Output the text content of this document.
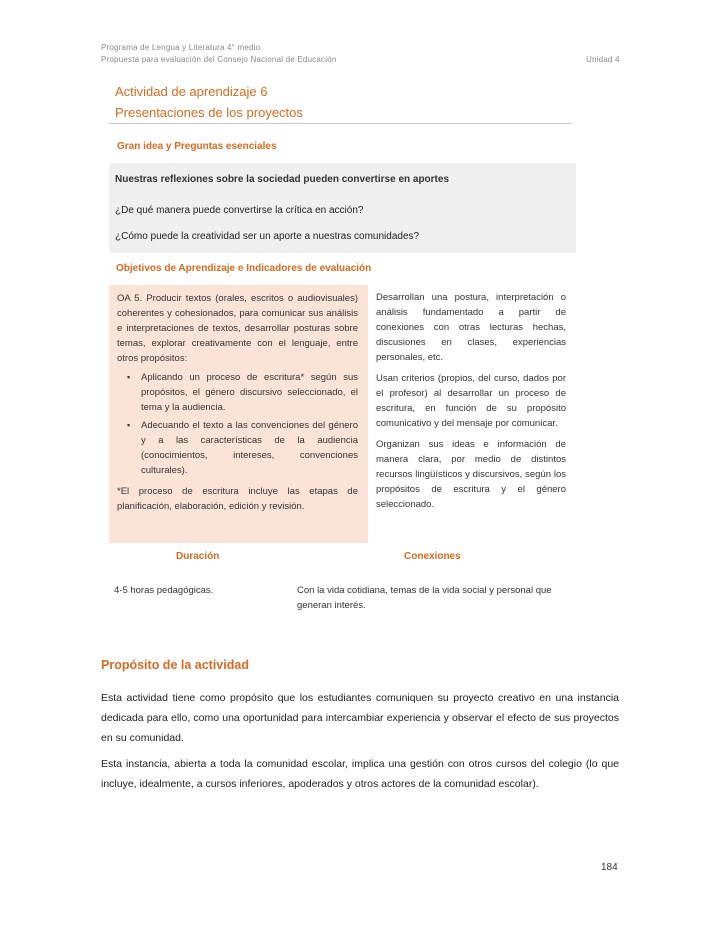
Programa de Lengua y Literatura 4° medio
Propuesta para evaluación del Consejo Nacional de Educación	Unidad 4
Actividad de aprendizaje 6
Presentaciones de los proyectos
Gran idea y Preguntas esenciales
Nuestras reflexiones sobre la sociedad pueden convertirse en aportes
¿De qué manera puede convertirse la crítica en acción?
¿Cómo puede la creatividad ser un aporte a nuestras comunidades?
Objetivos de Aprendizaje e Indicadores de evaluación
OA 5. Producir textos (orales, escritos o audiovisuales) coherentes y cohesionados, para comunicar sus análisis e interpretaciones de textos, desarrollar posturas sobre temas, explorar creativamente con el lenguaje, entre otros propósitos:
▪ Aplicando un proceso de escritura* según sus propósitos, el género discursivo seleccionado, el tema y la audiencia.
▪ Adecuando el texto a las convenciones del género y a las características de la audiencia (conocimientos, intereses, convenciones culturales).
*El proceso de escritura incluye las etapas de planificación, elaboración, edición y revisión.
Desarrollan una postura, interpretación o análisis fundamentado a partir de conexiones con otras lecturas hechas, discusiones en clases, experiencias personales, etc.
Usan criterios (propios, del curso, dados por el profesor) al desarrollar un proceso de escritura, en función de su propósito comunicativo y del mensaje por comunicar.
Organizan sus ideas e información de manera clara, por medio de distintos recursos lingüísticos y discursivos, según los propósitos de escritura y el género seleccionado.
Duración	Conexiones
4-5 horas pedagógicas.	Con la vida cotidiana, temas de la vida social y personal que generan interés.
Propósito de la actividad
Esta actividad tiene como propósito que los estudiantes comuniquen su proyecto creativo en una instancia dedicada para ello, como una oportunidad para intercambiar experiencia y observar el efecto de sus proyectos en su comunidad.
Esta instancia, abierta a toda la comunidad escolar, implica una gestión con otros cursos del colegio (lo que incluye, idealmente, a cursos inferiores, apoderados y otros actores de la comunidad escolar).
184
